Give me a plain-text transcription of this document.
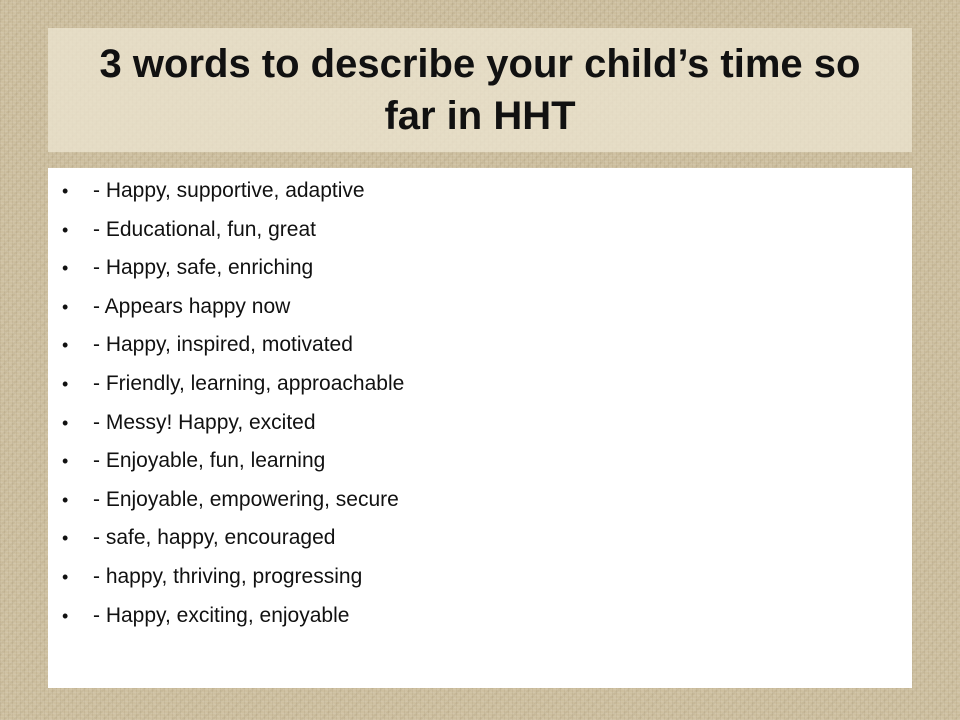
3 words to describe your child’s time so far in HHT
•	- Happy, supportive, adaptive
•	- Educational, fun, great
•	- Happy, safe, enriching
•	- Appears happy now
•	- Happy, inspired, motivated
•	- Friendly, learning, approachable
•	- Messy! Happy, excited
•	- Enjoyable, fun, learning
•	- Enjoyable, empowering, secure
•	- safe, happy, encouraged
•	- happy, thriving, progressing
•	- Happy, exciting, enjoyable
